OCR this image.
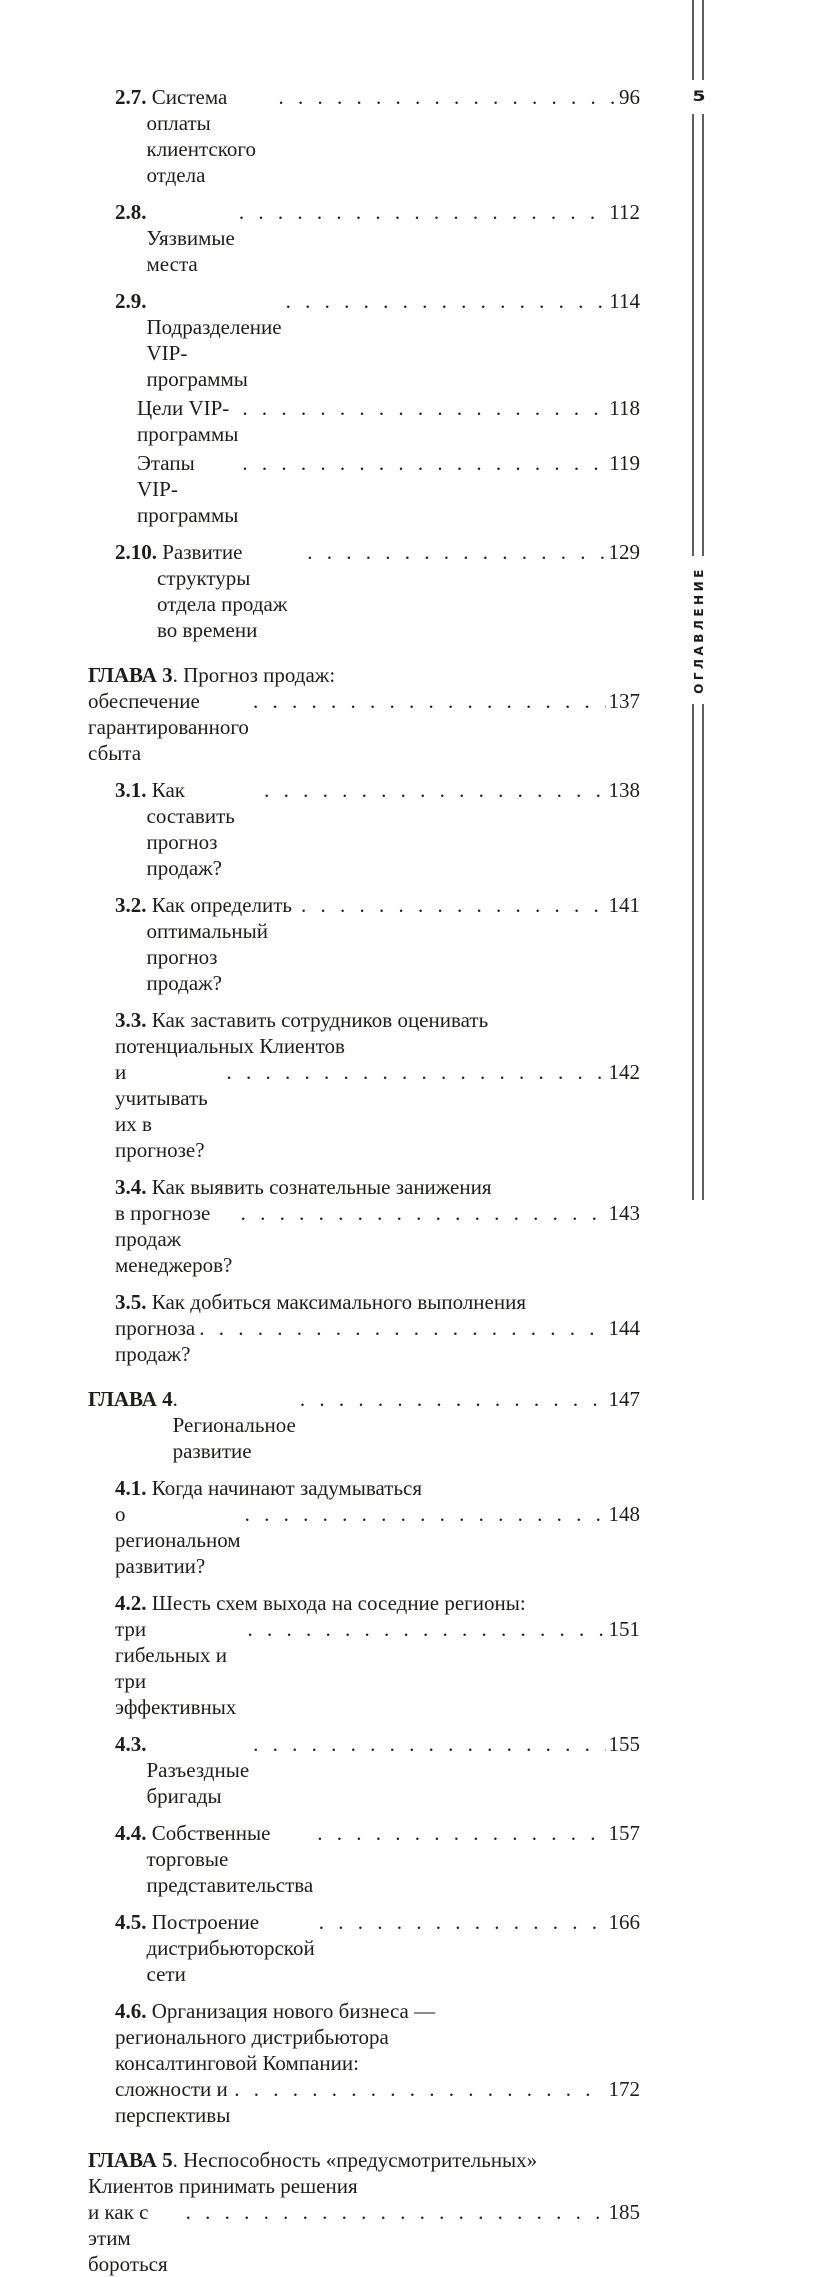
2.7. Система оплаты клиентского отдела
. . .
96
2.8. Уязвимые места
. . .
112
2.9. Подразделение VIP-программы
. . .
114
Цели VIP-программы
. . .
118
Этапы VIP-программы
. . .
119
2.10. Развитие структуры отдела продаж во времени
. . .
129
ГЛАВА 3 . Прогноз продаж:
обеспечение гарантированного сбыта
. . .
137
3.1. Как составить прогноз продаж?
. . .
138
3.2. Как определить оптимальный прогноз продаж?
. . .
141
3.3. Как заставить сотрудников оценивать
потенциальных Клиентов
и учитывать их в прогнозе?
. . .
142
3.4. Как выявить сознательные занижения
в прогнозе продаж менеджеров?
. . .
143
3.5. Как добиться максимального выполнения
прогноза продаж?
. . .
144
ГЛАВА 4 . Региональное развитие
. . .
147
4.1. Когда начинают задумываться
о региональном развитии?
. . .
148
4.2. Шесть схем выхода на соседние регионы:
три гибельных и три эффективных
. . .
151
4.3. Разъездные бригады
. . .
155
4.4. Собственные торговые представительства
. . .
157
4.5. Построение дистрибьюторской сети
. . .
166
4.6. Организация нового бизнеса —
регионального дистрибьютора
консалтинговой Компании:
сложности и перспективы
. . .
172
ГЛАВА 5 . Неспособность «предусмотрительных»
Клиентов принимать решения
и как с этим бороться
. . .
185
5
ОГЛАВЛЕНИЕ
